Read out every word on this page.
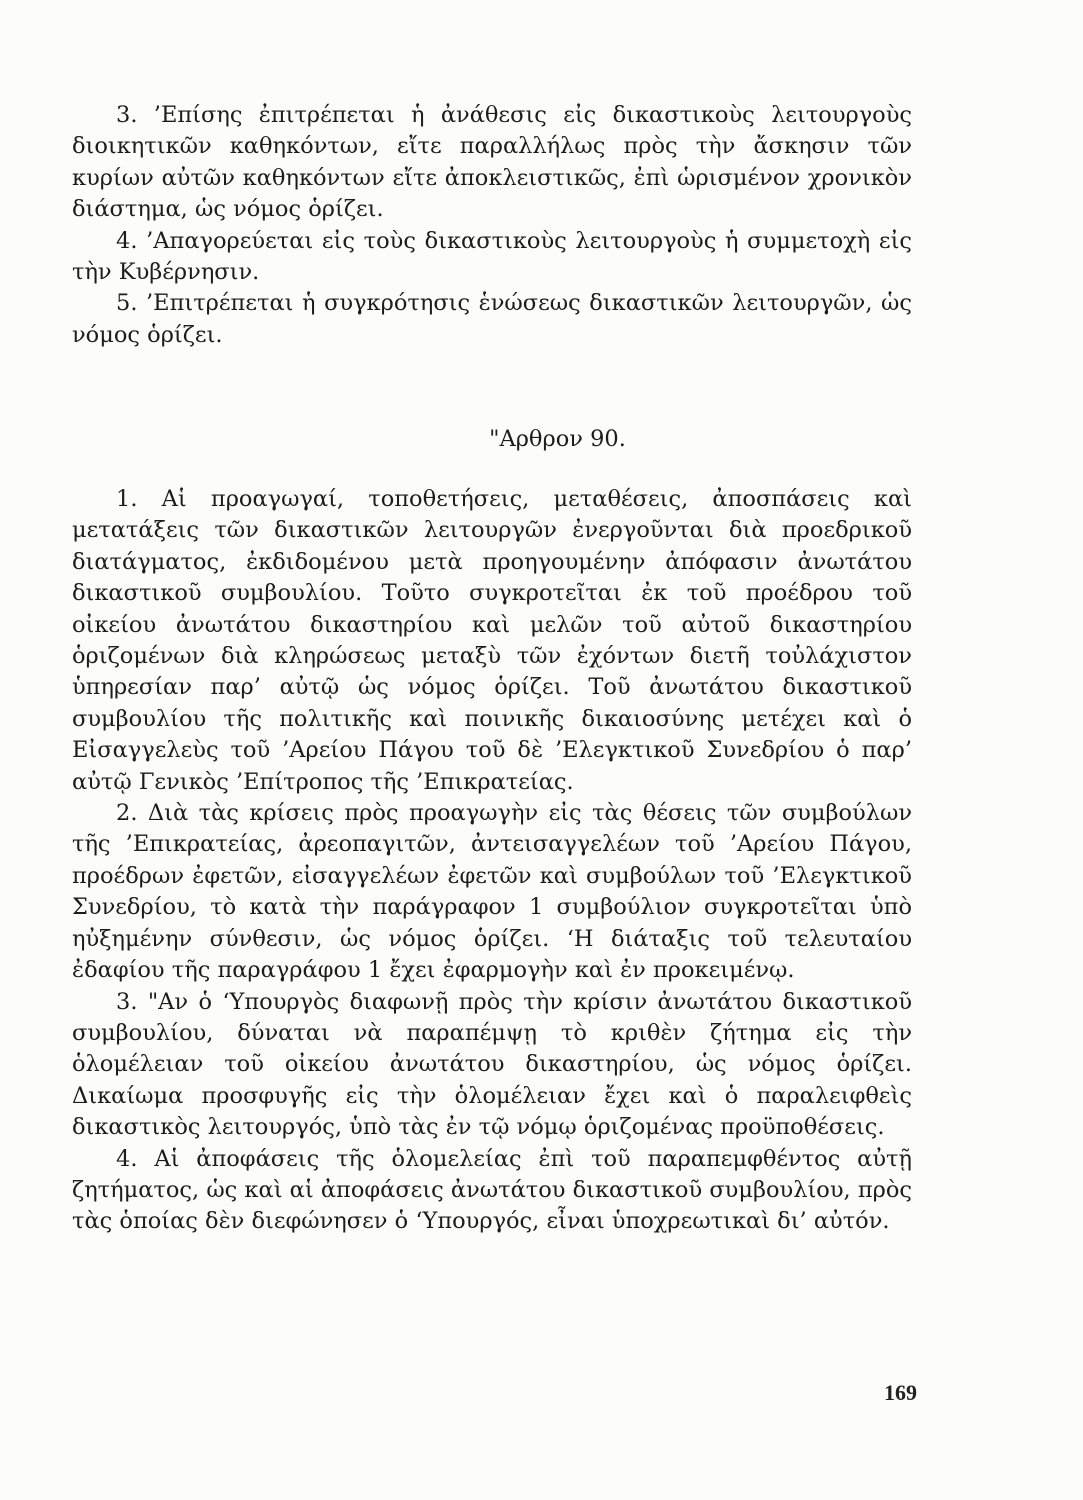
3. ’Επίσης ἐπιτρέπεται ἡ ἀνάθεσις εἰς δικαστικοὺς λειτουργοὺς διοικητικῶν καθηκόντων, εἴτε παραλλήλως πρὸς τὴν ἄσκησιν τῶν κυρίων αὐτῶν καθηκόντων εἴτε ἀποκλειστικῶς, ἐπὶ ὡρισμένον χρονικὸν διάστημα, ὡς νόμος ὁρίζει.

4. ’Απαγορεύεται εἰς τοὺς δικαστικοὺς λειτουργοὺς ἡ συμμετοχὴ εἰς τὴν Κυβέρνησιν.

5. ’Επιτρέπεται ἡ συγκρότησις ἑνώσεως δικαστικῶν λειτουργῶν, ὡς νόμος ὁρίζει.

"Αρθρον 90.

1. Αἱ προαγωγαί, τοποθετήσεις, μεταθέσεις, ἀποσπάσεις καὶ μετατάξεις τῶν δικαστικῶν λειτουργῶν ἐνεργοῦνται διὰ προεδρικοῦ διατάγματος, ἐκδιδομένου μετὰ προηγουμένην ἀπόφασιν ἀνωτάτου δικαστικοῦ συμβουλίου. Τοῦτο συγκροτεῖται ἐκ τοῦ προέδρου τοῦ οἰκείου ἀνωτάτου δικαστηρίου καὶ μελῶν τοῦ αὐτοῦ δικαστηρίου ὁριζομένων διὰ κληρώσεως μεταξὺ τῶν ἐχόντων διετῆ τοὐλάχιστον ὑπηρεσίαν παρ’ αὐτῷ ὡς νόμος ὁρίζει. Τοῦ ἀνωτάτου δικαστικοῦ συμβουλίου τῆς πολιτικῆς καὶ ποινικῆς δικαιοσύνης μετέχει καὶ ὁ Εἰσαγγελεὺς τοῦ ’Αρείου Πάγου τοῦ δὲ ’Ελεγκτικοῦ Συνεδρίου ὁ παρ’ αὐτῷ Γενικὸς ’Επίτροπος τῆς ’Επικρατείας.

2. Διὰ τὰς κρίσεις πρὸς προαγωγὴν εἰς τὰς θέσεις τῶν συμβούλων τῆς ’Επικρατείας, ἀρεοπαγιτῶν, ἀντεισαγγελέων τοῦ ’Αρείου Πάγου, προέδρων ἐφετῶν, εἰσαγγελέων ἐφετῶν καὶ συμβούλων τοῦ ’Ελεγκτικοῦ Συνεδρίου, τὸ κατὰ τὴν παράγραφον 1 συμβούλιον συγκροτεῖται ὑπὸ ηὐξημένην σύνθεσιν, ὡς νόμος ὁρίζει. ‘Η διάταξις τοῦ τελευταίου ἐδαφίου τῆς παραγράφου 1 ἔχει ἐφαρμογὴν καὶ ἐν προκειμένῳ.

3. "Αν ὁ ‘Υπουργὸς διαφωνῇ πρὸς τὴν κρίσιν ἀνωτάτου δικαστικοῦ συμβουλίου, δύναται νὰ παραπέμψῃ τὸ κριθὲν ζήτημα εἰς τὴν ὁλομέλειαν τοῦ οἰκείου ἀνωτάτου δικαστηρίου, ὡς νόμος ὁρίζει. Δικαίωμα προσφυγῆς εἰς τὴν ὁλομέλειαν ἔχει καὶ ὁ παραλειφθεὶς δικαστικὸς λειτουργός, ὑπὸ τὰς ἐν τῷ νόμῳ ὁριζομένας προϋποθέσεις.

4. Αἱ ἀποφάσεις τῆς ὁλομελείας ἐπὶ τοῦ παραπεμφθέντος αὐτῇ ζητήματος, ὡς καὶ αἱ ἀποφάσεις ἀνωτάτου δικαστικοῦ συμβουλίου, πρὸς τὰς ὁποίας δὲν διεφώνησεν ὁ ‘Υπουργός, εἶναι ὑποχρεωτικαὶ δι’ αὐτόν.

169
